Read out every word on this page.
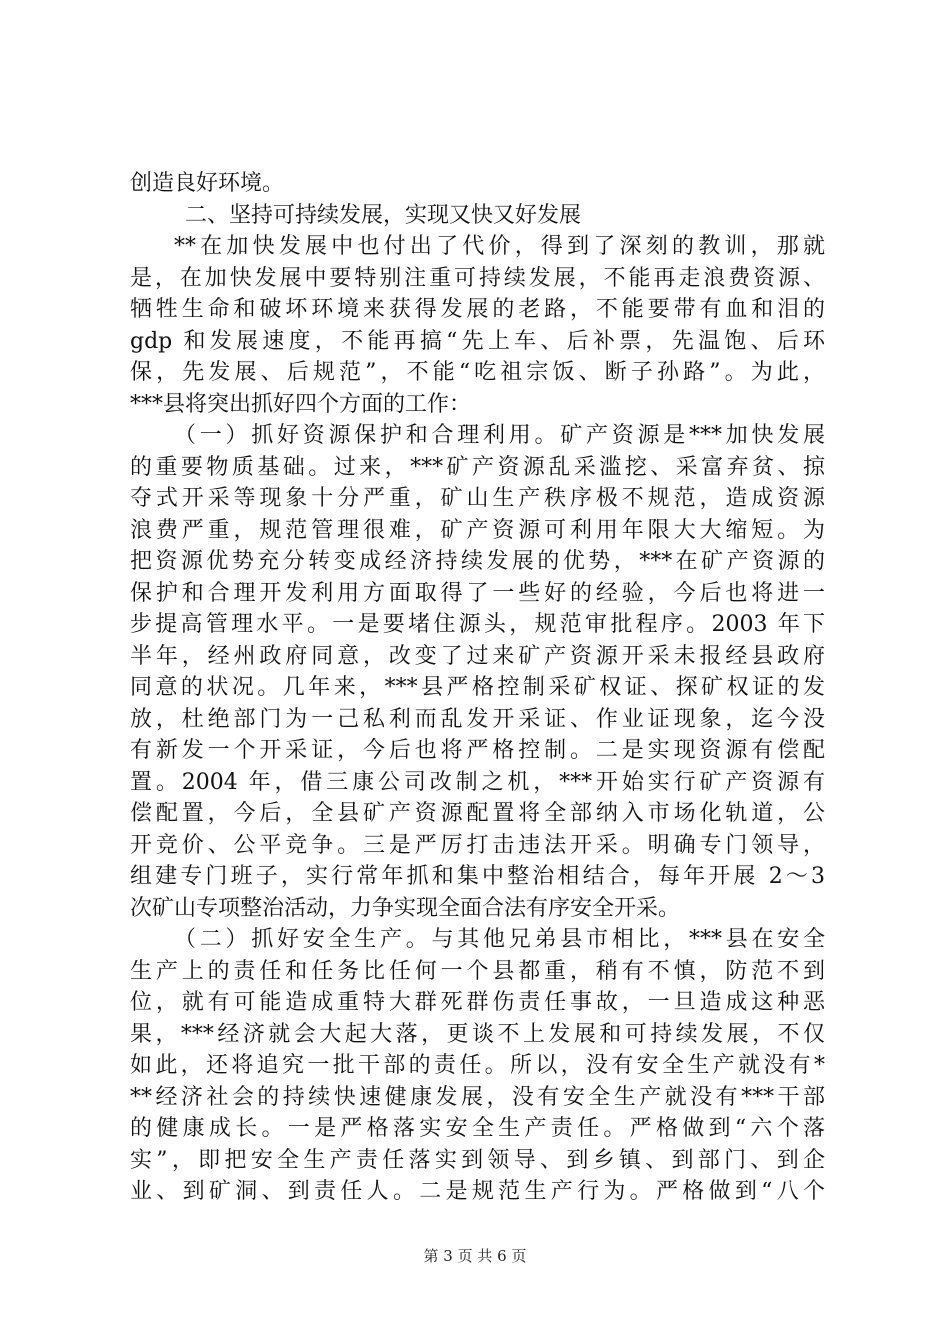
创造良好环境。
二、坚持可持续发展，实现又快又好发展
**在加快发展中也付出了代价，得到了深刻的教训，那就
是，在加快发展中要特别注重可持续发展，不能再走浪费资源、
牺牲生命和破坏环境来获得发展的老路，不能要带有血和泪的
gdp 和发展速度，不能再搞“先上车、后补票，先温饱、后环
保，先发展、后规范”，不能“吃祖宗饭、断子孙路”。为此，
***县将突出抓好四个方面的工作：
（一）抓好资源保护和合理利用。矿产资源是***加快发展
的重要物质基础。过来，***矿产资源乱采滥挖、采富弃贫、掠
夺式开采等现象十分严重，矿山生产秩序极不规范，造成资源
浪费严重，规范管理很难，矿产资源可利用年限大大缩短。为
把资源优势充分转变成经济持续发展的优势，***在矿产资源的
保护和合理开发利用方面取得了一些好的经验，今后也将进一
步提高管理水平。一是要堵住源头，规范审批程序。2003 年下
半年，经州政府同意，改变了过来矿产资源开采未报经县政府
同意的状况。几年来，***县严格控制采矿权证、探矿权证的发
放，杜绝部门为一己私利而乱发开采证、作业证现象，迄今没
有新发一个开采证，今后也将严格控制。二是实现资源有偿配
置。2004 年，借三康公司改制之机，***开始实行矿产资源有
偿配置，今后，全县矿产资源配置将全部纳入市场化轨道，公
开竞价、公平竞争。三是严厉打击违法开采。明确专门领导，
组建专门班子，实行常年抓和集中整治相结合，每年开展 2～3
次矿山专项整治活动，力争实现全面合法有序安全开采。
（二）抓好安全生产。与其他兄弟县市相比，***县在安全
生产上的责任和任务比任何一个县都重，稍有不慎，防范不到
位，就有可能造成重特大群死群伤责任事故，一旦造成这种恶
果，***经济就会大起大落，更谈不上发展和可持续发展，不仅
如此，还将追究一批干部的责任。所以，没有安全生产就没有*
**经济社会的持续快速健康发展，没有安全生产就没有***干部
的健康成长。一是严格落实安全生产责任。严格做到“六个落
实”，即把安全生产责任落实到领导、到乡镇、到部门、到企
业、到矿洞、到责任人。二是规范生产行为。严格做到“八个
第 3 页 共 6 页
